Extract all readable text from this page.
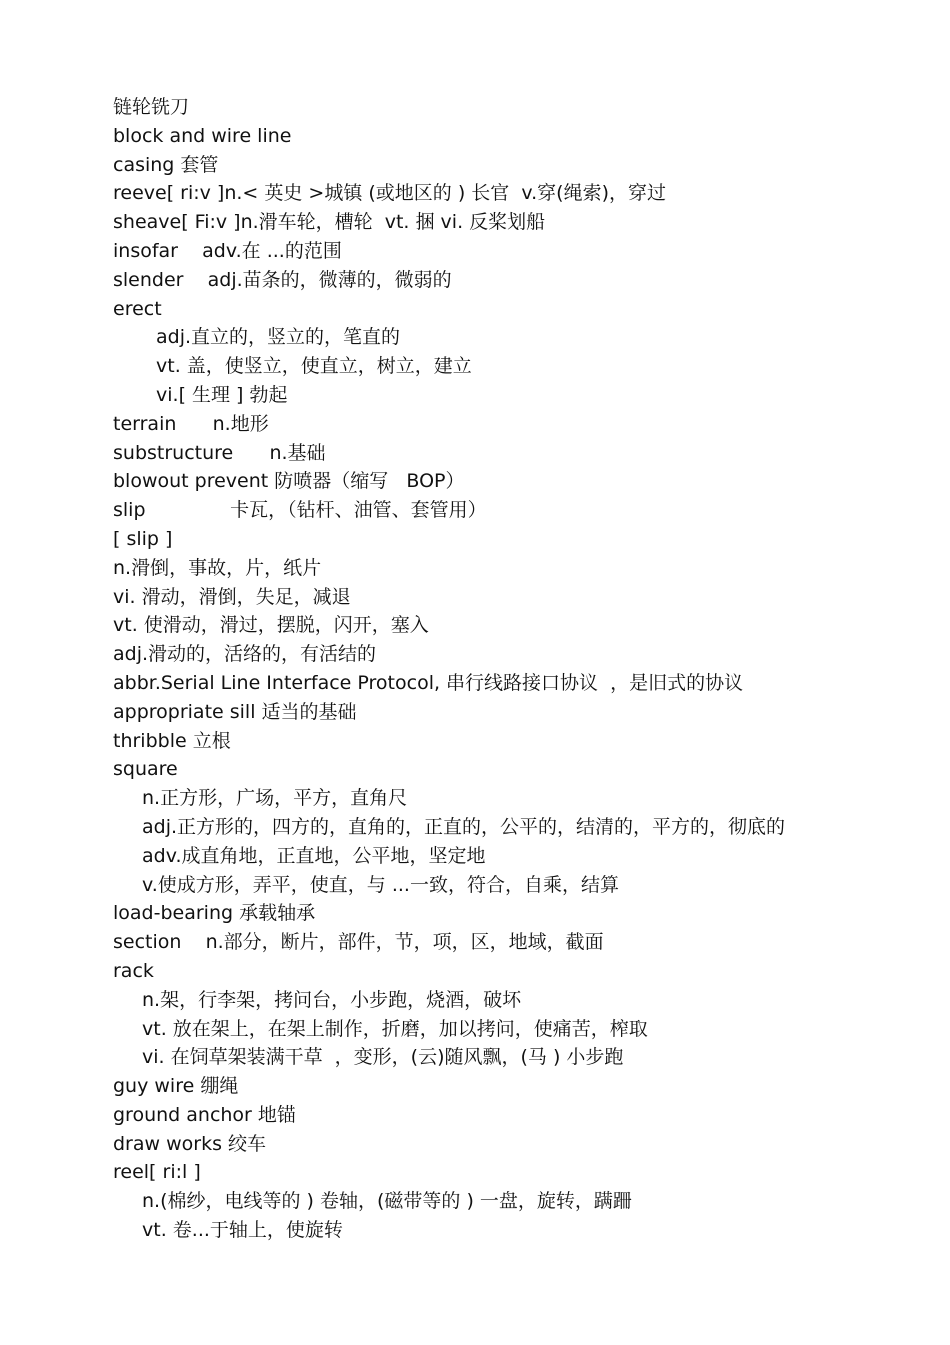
链轮铣刀
block and wire line
casing 套管
reeve[ ri:v ]n.< 英史 >城镇 (或地区的 ) 长官  v.穿(绳索)，穿过
sheave[ Fi:v ]n.滑车轮，槽轮  vt. 捆 vi. 反桨划船
insofar    adv.在 ...的范围
slender    adj.苗条的，微薄的，微弱的
erect
adj.直立的，竖立的，笔直的
vt. 盖，使竖立，使直立，树立，建立
vi.[ 生理 ] 勃起
terrain      n.地形
substructure      n.基础
blowout prevent 防喷器（缩写   BOP）
slip              卡瓦，（钻杆、油管、套管用）
[ slip ]
n.滑倒，事故，片，纸片
vi. 滑动，滑倒，失足，减退
vt. 使滑动，滑过，摆脱，闪开，塞入
adj.滑动的，活络的，有活结的
abbr.Serial Line Interface Protocol, 串行线路接口协议  ，是旧式的协议
appropriate sill 适当的基础
thribble 立根
square
n.正方形，广场，平方，直角尺
adj.正方形的，四方的，直角的，正直的，公平的，结清的，平方的，彻底的
adv.成直角地，正直地，公平地，坚定地
v.使成方形，弄平，使直，与 ...一致，符合，自乘，结算
load-bearing 承载轴承
section    n.部分，断片，部件，节，项，区，地域，截面
rack
n.架，行李架，拷问台，小步跑，烧酒，破坏
vt. 放在架上，在架上制作，折磨，加以拷问，使痛苦，榨取
vi. 在饲草架装满干草  ，变形，(云)随风飘，(马 ) 小步跑
guy wire 绷绳
ground anchor 地锚
draw works 绞车
reel[ ri:l ]
n.(棉纱，电线等的 ) 卷轴，(磁带等的 ) 一盘，旋转，蹒跚
vt. 卷...于轴上，使旋转
